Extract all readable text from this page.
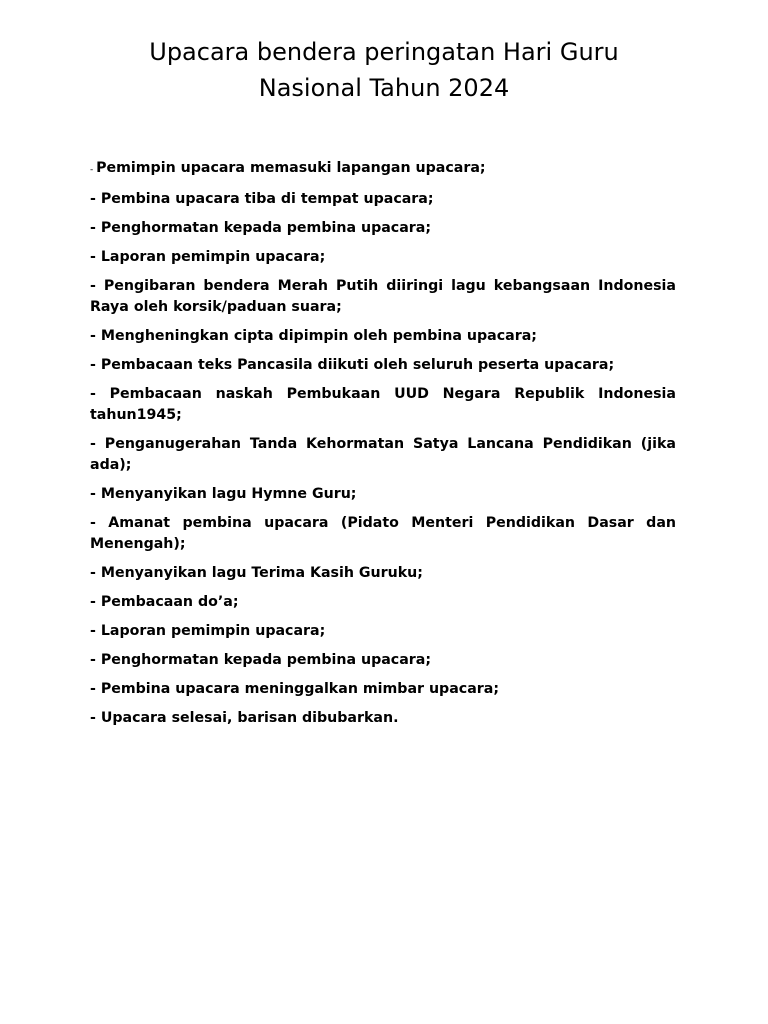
Upacara bendera peringatan Hari Guru
Nasional Tahun 2024
- Pemimpin upacara memasuki lapangan upacara;
- Pembina upacara tiba di tempat upacara;
- Penghormatan kepada pembina upacara;
- Laporan pemimpin upacara;
- Pengibaran bendera Merah Putih diiringi lagu kebangsaan Indonesia Raya oleh korsik/paduan suara;
- Mengheningkan cipta dipimpin oleh pembina upacara;
- Pembacaan teks Pancasila diikuti oleh seluruh peserta upacara;
- Pembacaan naskah Pembukaan UUD Negara Republik Indonesia tahun1945;
- Penganugerahan Tanda Kehormatan Satya Lancana Pendidikan (jika ada);
- Menyanyikan lagu Hymne Guru;
- Amanat pembina upacara (Pidato Menteri Pendidikan Dasar dan Menengah);
- Menyanyikan lagu Terima Kasih Guruku;
- Pembacaan do’a;
- Laporan pemimpin upacara;
- Penghormatan kepada pembina upacara;
- Pembina upacara meninggalkan mimbar upacara;
- Upacara selesai, barisan dibubarkan.
